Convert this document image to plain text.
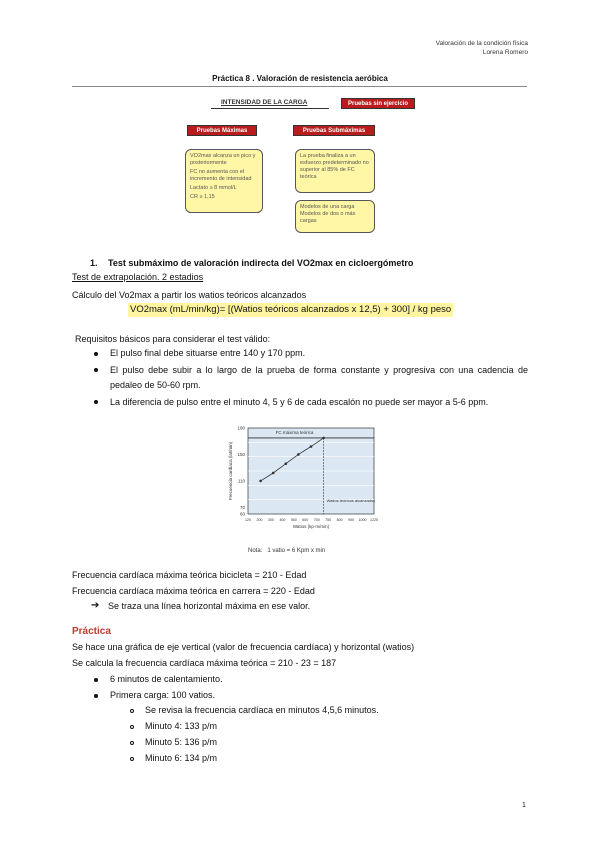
Valoración de la condición física
Lorena Romero
Práctica 8 . Valoración de resistencia aeróbica
INTENSIDAD DE LA CARGA	Pruebas sin ejercicio
Pruebas Máximas	Pruebas Submáximas
VO2max alcanza un pico y posteriormente
FC no aumenta con el incremento de intensidad
Lactato ≥ 8 mmol/L
CR ≥ 1,15
La prueba finaliza a un esfuerzo predeterminado no superior al 85% de FC teórica
Modelos de una carga
Modelos de dos o más cargas
1. Test submáximo de valoración indirecta del VO2max en cicloergómetro
Test de extrapolación. 2 estadios
Cálculo del Vo2max a partir los watios teóricos alcanzados
VO2max (mL/min/kg)= [(Watios teóricos alcanzados x 12,5) + 300] / kg peso
Requisitos básicos para considerar el test válido:
El pulso final debe situarse entre 140 y 170 ppm.
El pulso debe subir a lo largo de la prueba de forma constante y progresiva con una cadencia de pedaleo de 50-60 rpm.
La diferencia de pulso entre el minuto 4, 5 y 6 de cada escalón no puede ser mayor a 5-6 ppm.
FC máxima teórica
Watios teóricos alcanzados
190
150
110
70
60
120 200 300 400 500 600 700 750 800 900 1000 1225
Watios (kp·m/min)
Frecuencia cardíaca (lat/min)
Nota:   1 vatio = 6 Kpm x min
Frecuencia cardíaca máxima teórica bicicleta = 210 - Edad
Frecuencia cardíaca máxima teórica en carrera = 220 - Edad
➔ Se traza una línea horizontal máxima en ese valor.
Práctica
Se hace una gráfica de eje vertical (valor de frecuencia cardíaca) y horizontal (watios)
Se calcula la frecuencia cardíaca máxima teórica = 210 - 23 = 187
6 minutos de calentamiento.
Primera carga: 100 vatios.
Se revisa la frecuencia cardíaca en minutos 4,5,6 minutos.
Minuto 4: 133 p/m
Minuto 5: 136 p/m
Minuto 6: 134 p/m
1
